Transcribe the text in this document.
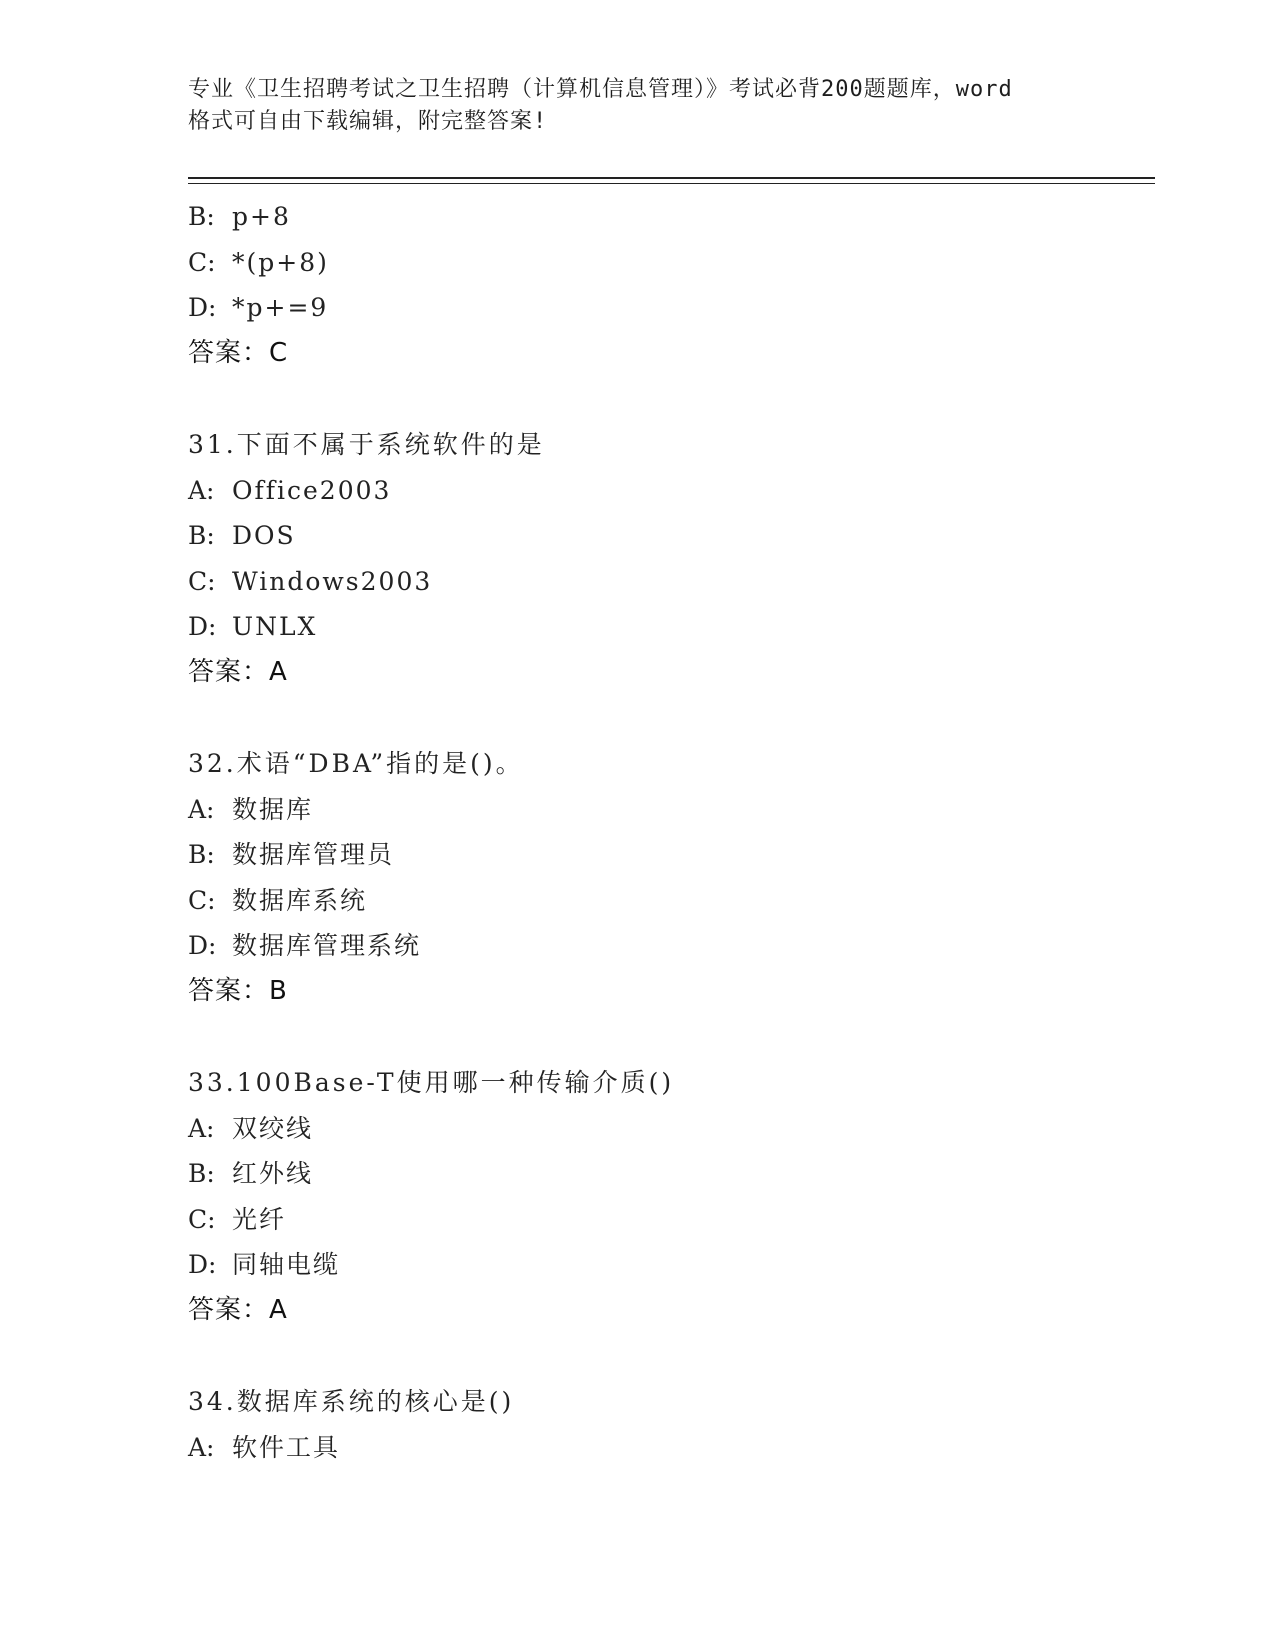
专业《卫生招聘考试之卫生招聘（计算机信息管理）》考试必背200题题库，word
格式可自由下载编辑，附完整答案!
B: p+8
C: *(p+8)
D: *p+=9
答案：C
31.下面不属于系统软件的是
A: Office2003
B: DOS
C: Windows2003
D: UNLX
答案：A
32.术语“DBA”指的是()。
A: 数据库
B: 数据库管理员
C: 数据库系统
D: 数据库管理系统
答案：B
33.100Base-T使用哪一种传输介质()
A: 双绞线
B: 红外线
C: 光纤
D: 同轴电缆
答案：A
34.数据库系统的核心是()
A: 软件工具
